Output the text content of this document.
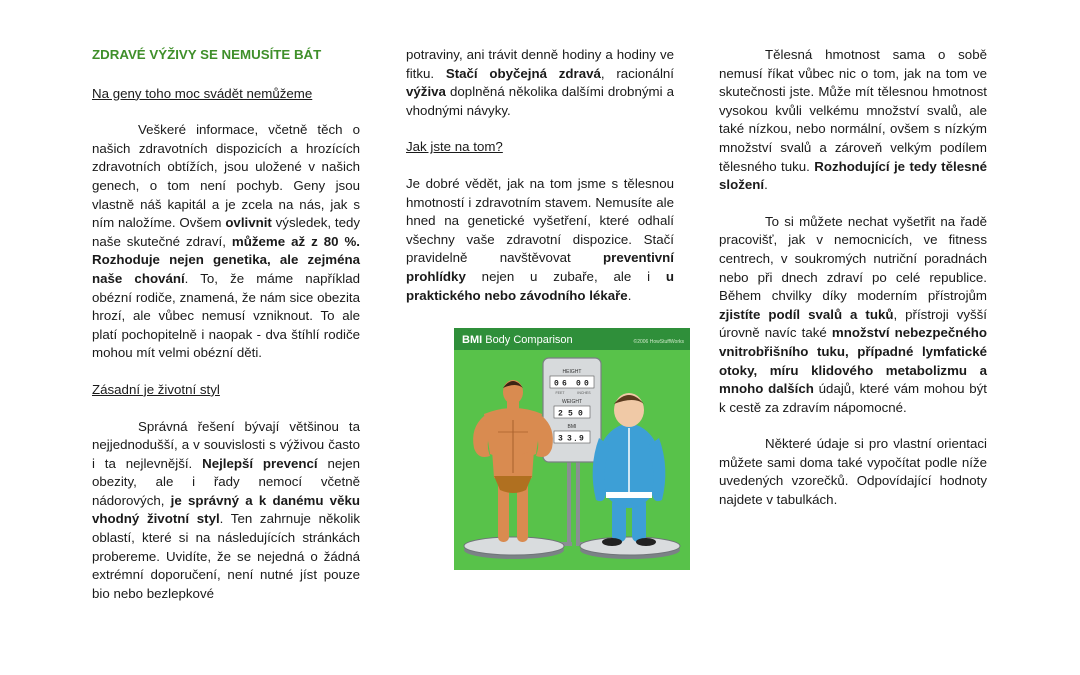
ZDRAVÉ VÝŽIVY SE NEMUSÍTE BÁT

Na geny toho moc svádět nemůžeme

Veškeré informace, včetně těch o našich zdravotních dispozicích a hrozících zdravotních obtížích, jsou uložené v našich genech, o tom není pochyb. Geny jsou vlastně náš kapitál a je zcela na nás, jak s ním naložíme. Ovšem ovlivnit výsledek, tedy naše skutečné zdraví, můžeme až z 80 %. Rozhoduje nejen genetika, ale zejména naše chování. To, že máme například obézní rodiče, znamená, že nám sice obezita hrozí, ale vůbec nemusí vzniknout. To ale platí pochopitelně i naopak - dva štíhlí rodiče mohou mít velmi obézní děti.

Zásadní je životní styl

Správná řešení bývají většinou ta nejjednodušší, a v souvislosti s výživou často i ta nejlevnější. Nejlepší prevencí nejen obezity, ale i řady nemocí včetně nádorových, je správný a k danému věku vhodný životní styl. Ten zahrnuje několik oblastí, které si na následujících stránkách probereme. Uvidíte, že se nejedná o žádná extrémní doporučení, není nutné jíst pouze bio nebo bezlepkové

potraviny, ani trávit denně hodiny a hodiny ve fitku. Stačí obyčejná zdravá, racionální výživa doplněná několika dalšími drobnými a vhodnými návyky.

Jak jste na tom?

Je dobré vědět, jak na tom jsme s tělesnou hmotností i zdravotním stavem. Nemusíte ale hned na genetické vyšetření, které odhalí všechny vaše zdravotní dispozice. Stačí pravidelně navštěvovat preventivní prohlídky nejen u zubaře, ale i u praktického nebo závodního lékaře.

BMI Body Comparison	©2006 HowStuffWorks
HEIGHT
0 6 0 0
FEET	INCHES
WEIGHT
2 5 0
BMI
3 3 . 9

Tělesná hmotnost sama o sobě nemusí říkat vůbec nic o tom, jak na tom ve skutečnosti jste. Může mít tělesnou hmotnost vysokou kvůli velkému množství svalů, ale také nízkou, nebo normální, ovšem s nízkým množství svalů a zároveň velkým podílem tělesného tuku. Rozhodující je tedy tělesné složení.

To si můžete nechat vyšetřit na řadě pracovišť, jak v nemocnicích, ve fitness centrech, v soukromých nutriční poradnách nebo při dnech zdraví po celé republice. Během chvilky díky moderním přístrojům zjistíte podíl svalů a tuků, přístroji vyšší úrovně navíc také množství nebezpečného vnitrobřišního tuku, případné lymfatické otoky, míru klidového metabolizmu a mnoho dalších údajů, které vám mohou být k cestě za zdravím nápomocné.

Některé údaje si pro vlastní orientaci můžete sami doma také vypočítat podle níže uvedených vzorečků. Odpovídající hodnoty najdete v tabulkách.
